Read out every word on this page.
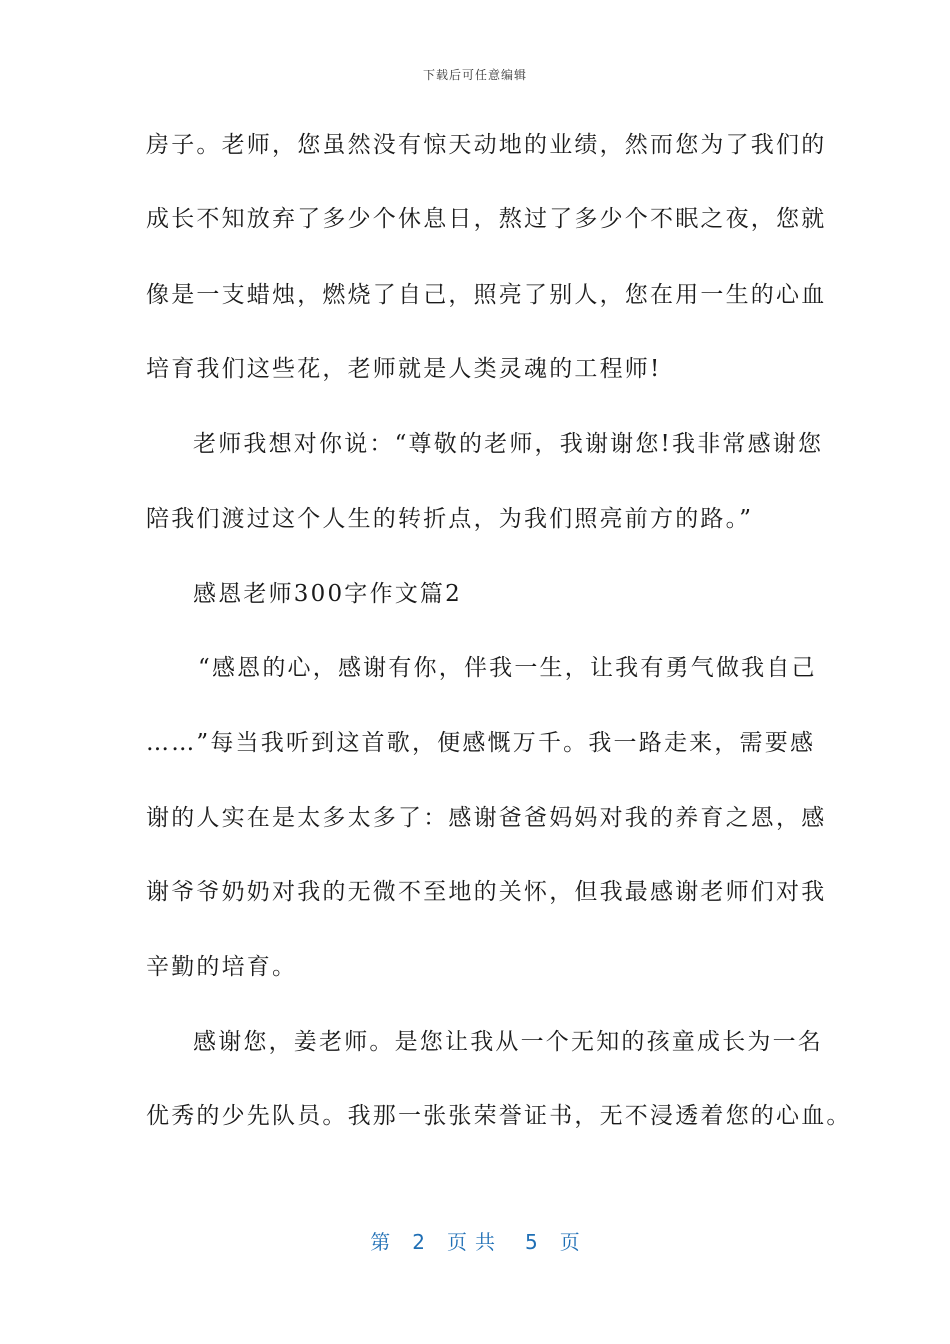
下载后可任意编辑
房子。老师，您虽然没有惊天动地的业绩，然而您为了我们的
成长不知放弃了多少个休息日，熬过了多少个不眠之夜，您就
像是一支蜡烛，燃烧了自己，照亮了别人，您在用一生的心血
培育我们这些花，老师就是人类灵魂的工程师!
老师我想对你说：“尊敬的老师，我谢谢您!我非常感谢您
陪我们渡过这个人生的转折点，为我们照亮前方的路。”
感恩老师300字作文篇2
“感恩的心，感谢有你，伴我一生，让我有勇气做我自己
……”每当我听到这首歌，便感慨万千。我一路走来，需要感
谢的人实在是太多太多了：感谢爸爸妈妈对我的养育之恩，感
谢爷爷奶奶对我的无微不至地的关怀，但我最感谢老师们对我
辛勤的培育。
感谢您，姜老师。是您让我从一个无知的孩童成长为一名
优秀的少先队员。我那一张张荣誉证书，无不浸透着您的心血。
第 2 页共 5 页
